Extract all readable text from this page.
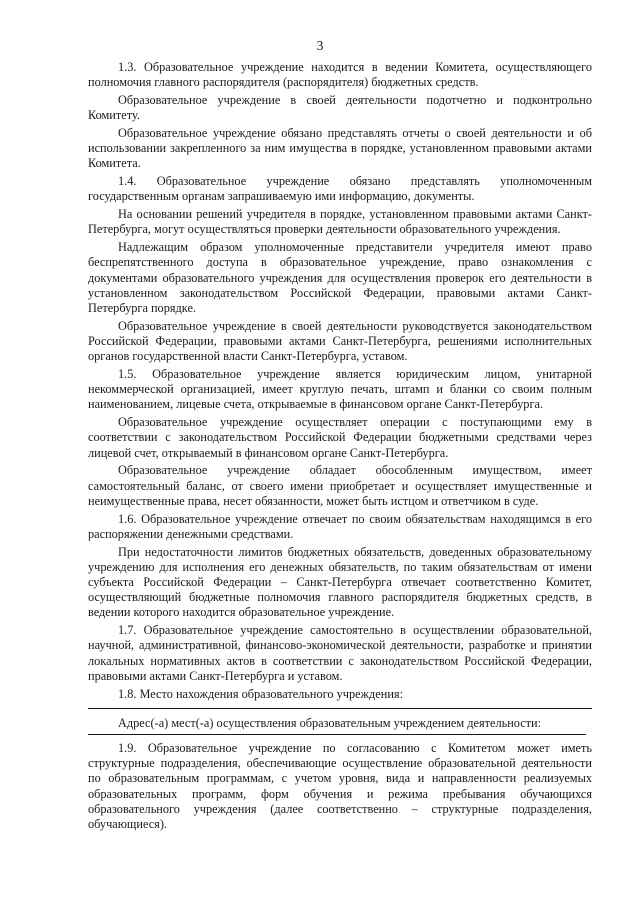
3

1.3. Образовательное учреждение находится в ведении Комитета, осуществляющего полномочия главного распорядителя (распорядителя) бюджетных средств.

Образовательное учреждение в своей деятельности подотчетно и подконтрольно Комитету.

Образовательное учреждение обязано представлять отчеты о своей деятельности и об использовании закрепленного за ним имущества в порядке, установленном правовыми актами Комитета.

1.4. Образовательное учреждение обязано представлять уполномоченным государственным органам запрашиваемую ими информацию, документы.

На основании решений учредителя в порядке, установленном правовыми актами Санкт-Петербурга, могут осуществляться проверки деятельности образовательного учреждения.

Надлежащим образом уполномоченные представители учредителя имеют право беспрепятственного доступа в образовательное учреждение, право ознакомления с документами образовательного учреждения для осуществления проверок его деятельности в установленном законодательством Российской Федерации, правовыми актами Санкт-Петербурга порядке.

Образовательное учреждение в своей деятельности руководствуется законодательством Российской Федерации, правовыми актами Санкт-Петербурга, решениями исполнительных органов государственной власти Санкт-Петербурга, уставом.

1.5. Образовательное учреждение является юридическим лицом, унитарной некоммерческой организацией, имеет круглую печать, штамп и бланки со своим полным наименованием, лицевые счета, открываемые в финансовом органе Санкт-Петербурга.

Образовательное учреждение осуществляет операции с поступающими ему в соответствии с законодательством Российской Федерации бюджетными средствами через лицевой счет, открываемый в финансовом органе Санкт-Петербурга.

Образовательное учреждение обладает обособленным имуществом, имеет самостоятельный баланс, от своего имени приобретает и осуществляет имущественные и неимущественные права, несет обязанности, может быть истцом и ответчиком в суде.

1.6. Образовательное учреждение отвечает по своим обязательствам находящимся в его распоряжении денежными средствами.

При недостаточности лимитов бюджетных обязательств, доведенных образовательному учреждению для исполнения его денежных обязательств, по таким обязательствам от имени субъекта Российской Федерации – Санкт-Петербурга отвечает соответственно Комитет, осуществляющий бюджетные полномочия главного распорядителя бюджетных средств, в ведении которого находится образовательное учреждение.

1.7. Образовательное учреждение самостоятельно в осуществлении образовательной, научной, административной, финансово-экономической деятельности, разработке и принятии локальных нормативных актов в соответствии с законодательством Российской Федерации, правовыми актами Санкт-Петербурга и уставом.

1.8. Место нахождения образовательного учреждения:

Адрес(-а) мест(-а) осуществления образовательным учреждением деятельности:

1.9. Образовательное учреждение по согласованию с Комитетом может иметь структурные подразделения, обеспечивающие осуществление образовательной деятельности по образовательным программам, с учетом уровня, вида и направленности реализуемых образовательных программ, форм обучения и режима пребывания обучающихся образовательного учреждения (далее соответственно – структурные подразделения, обучающиеся).
